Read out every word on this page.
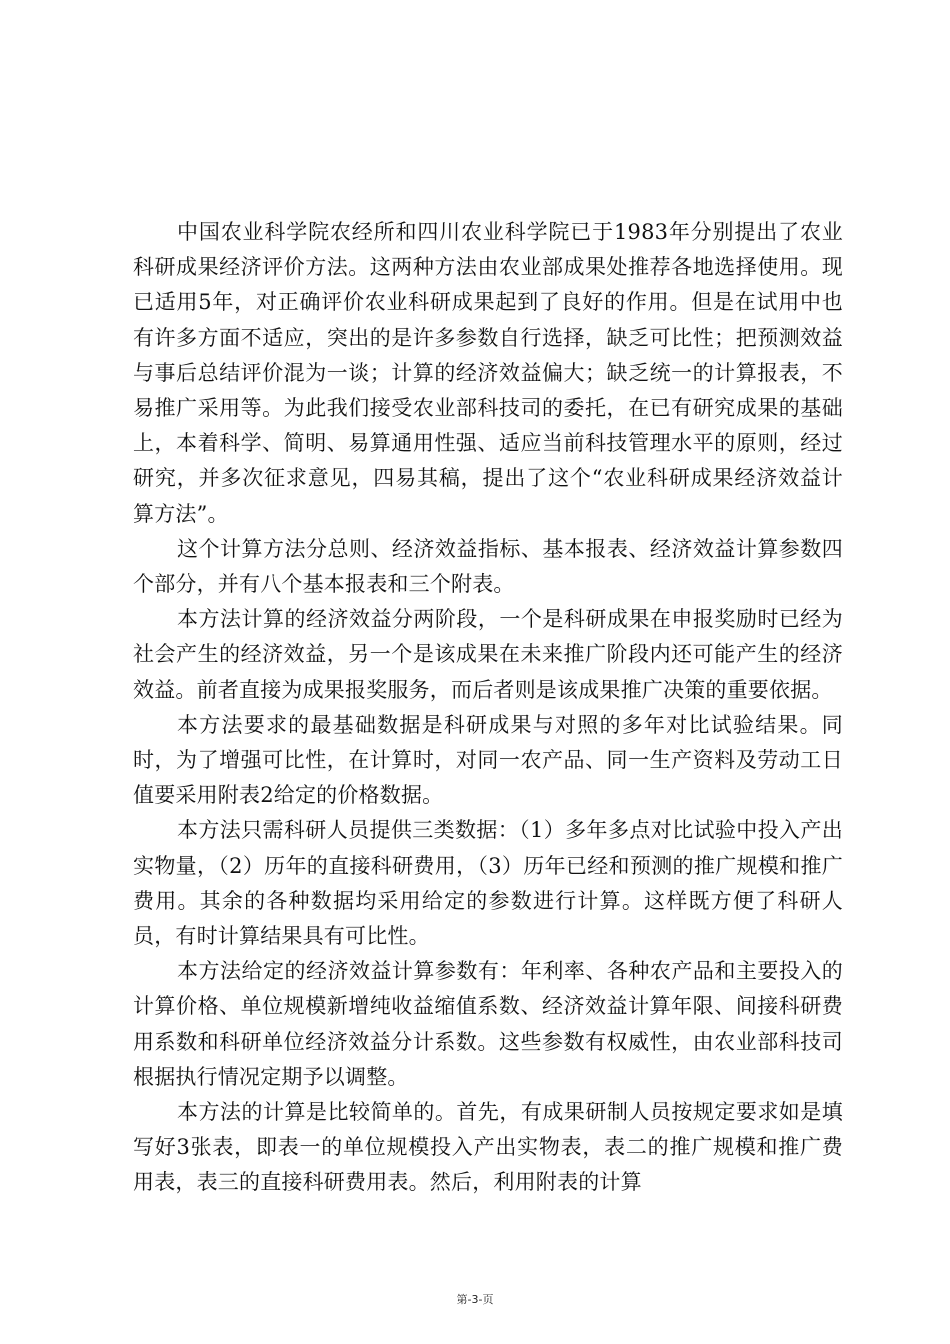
中国农业科学院农经所和四川农业科学院已于1983年分别提出了农业科研成果经济评价方法。这两种方法由农业部成果处推荐各地选择使用。现已适用5年，对正确评价农业科研成果起到了良好的作用。但是在试用中也有许多方面不适应，突出的是许多参数自行选择，缺乏可比性；把预测效益与事后总结评价混为一谈；计算的经济效益偏大；缺乏统一的计算报表，不易推广采用等。为此我们接受农业部科技司的委托，在已有研究成果的基础上，本着科学、简明、易算通用性强、适应当前科技管理水平的原则，经过研究，并多次征求意见，四易其稿，提出了这个“农业科研成果经济效益计算方法”。

这个计算方法分总则、经济效益指标、基本报表、经济效益计算参数四个部分，并有八个基本报表和三个附表。

本方法计算的经济效益分两阶段，一个是科研成果在申报奖励时已经为社会产生的经济效益，另一个是该成果在未来推广阶段内还可能产生的经济效益。前者直接为成果报奖服务，而后者则是该成果推广决策的重要依据。

本方法要求的最基础数据是科研成果与对照的多年对比试验结果。同时，为了增强可比性，在计算时，对同一农产品、同一生产资料及劳动工日值要采用附表2给定的价格数据。

本方法只需科研人员提供三类数据：（1）多年多点对比试验中投入产出实物量，（2）历年的直接科研费用，（3）历年已经和预测的推广规模和推广费用。其余的各种数据均采用给定的参数进行计算。这样既方便了科研人员，有时计算结果具有可比性。

本方法给定的经济效益计算参数有：年利率、各种农产品和主要投入的计算价格、单位规模新增纯收益缩值系数、经济效益计算年限、间接科研费用系数和科研单位经济效益分计系数。这些参数有权威性，由农业部科技司根据执行情况定期予以调整。

本方法的计算是比较简单的。首先，有成果研制人员按规定要求如是填写好3张表，即表一的单位规模投入产出实物表，表二的推广规模和推广费用表，表三的直接科研费用表。然后，利用附表的计算

第-3-页
